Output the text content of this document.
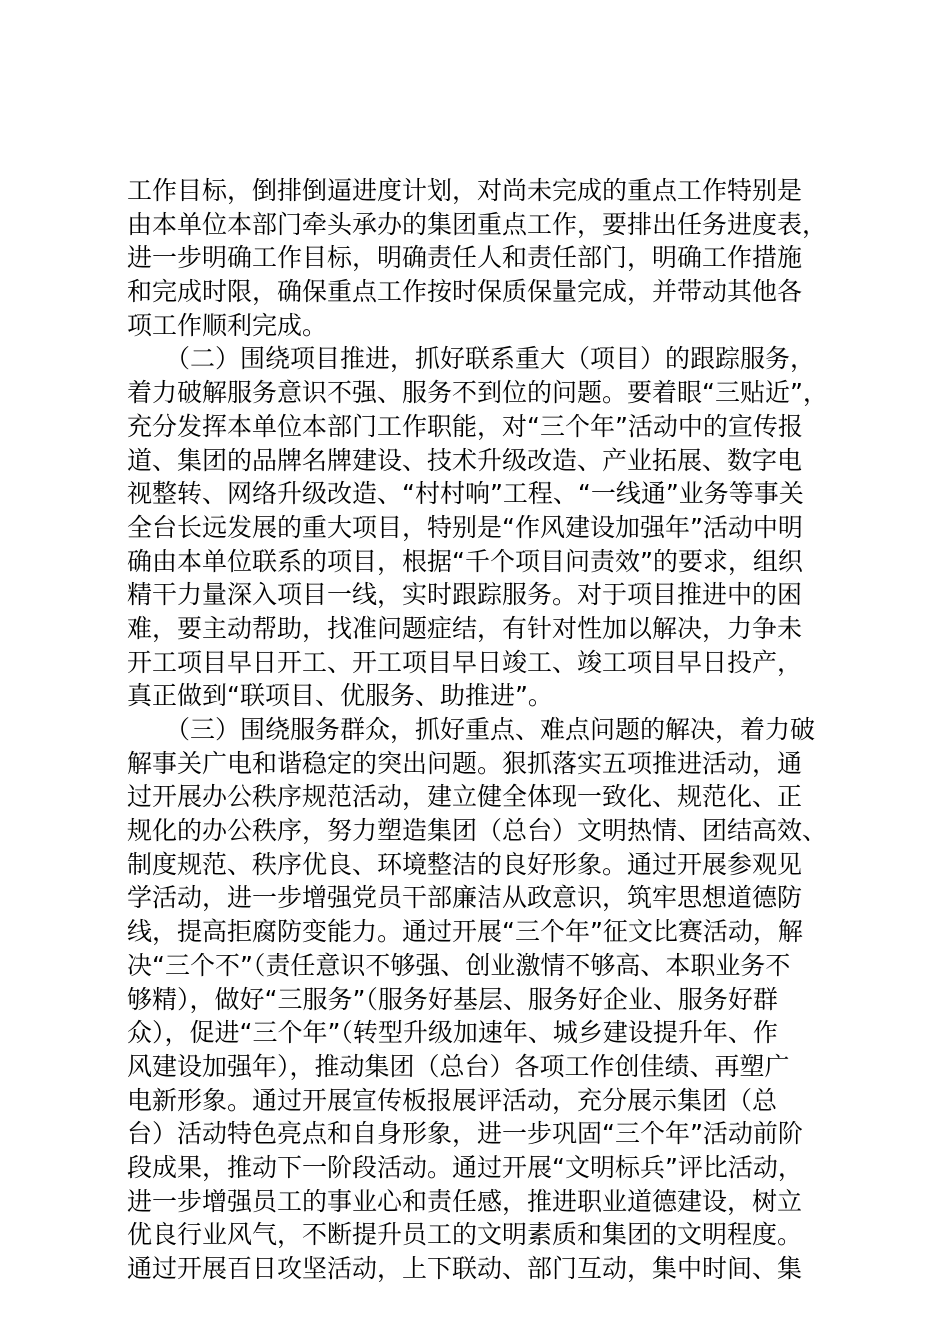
工作目标，倒排倒逼进度计划，对尚未完成的重点工作特别是
由本单位本部门牵头承办的集团重点工作，要排出任务进度表，
进一步明确工作目标，明确责任人和责任部门，明确工作措施
和完成时限，确保重点工作按时保质保量完成，并带动其他各
项工作顺利完成。
（二）围绕项目推进，抓好联系重大（项目）的跟踪服务，
着力破解服务意识不强、服务不到位的问题。要着眼“三贴近”，
充分发挥本单位本部门工作职能，对“三个年”活动中的宣传报
道、集团的品牌名牌建设、技术升级改造、产业拓展、数字电
视整转、网络升级改造、“村村响”工程、“一线通”业务等事关
全台长远发展的重大项目，特别是“作风建设加强年”活动中明
确由本单位联系的项目，根据“千个项目问责效”的要求，组织
精干力量深入项目一线，实时跟踪服务。对于项目推进中的困
难，要主动帮助，找准问题症结，有针对性加以解决，力争未
开工项目早日开工、开工项目早日竣工、竣工项目早日投产，
真正做到“联项目、优服务、助推进”。
（三）围绕服务群众，抓好重点、难点问题的解决，着力破
解事关广电和谐稳定的突出问题。狠抓落实五项推进活动，通
过开展办公秩序规范活动，建立健全体现一致化、规范化、正
规化的办公秩序，努力塑造集团（总台）文明热情、团结高效、
制度规范、秩序优良、环境整洁的良好形象。通过开展参观见
学活动，进一步增强党员干部廉洁从政意识，筑牢思想道德防
线，提高拒腐防变能力。通过开展“三个年”征文比赛活动，解
决“三个不”（责任意识不够强、创业激情不够高、本职业务不
够精），做好“三服务”（服务好基层、服务好企业、服务好群
众），促进“三个年”（转型升级加速年、城乡建设提升年、作
风建设加强年），推动集团（总台）各项工作创佳绩、再塑广
电新形象。通过开展宣传板报展评活动，充分展示集团（总
台）活动特色亮点和自身形象，进一步巩固“三个年”活动前阶
段成果，推动下一阶段活动。通过开展“文明标兵”评比活动，
进一步增强员工的事业心和责任感，推进职业道德建设，树立
优良行业风气，不断提升员工的文明素质和集团的文明程度。
通过开展百日攻坚活动，上下联动、部门互动，集中时间、集
